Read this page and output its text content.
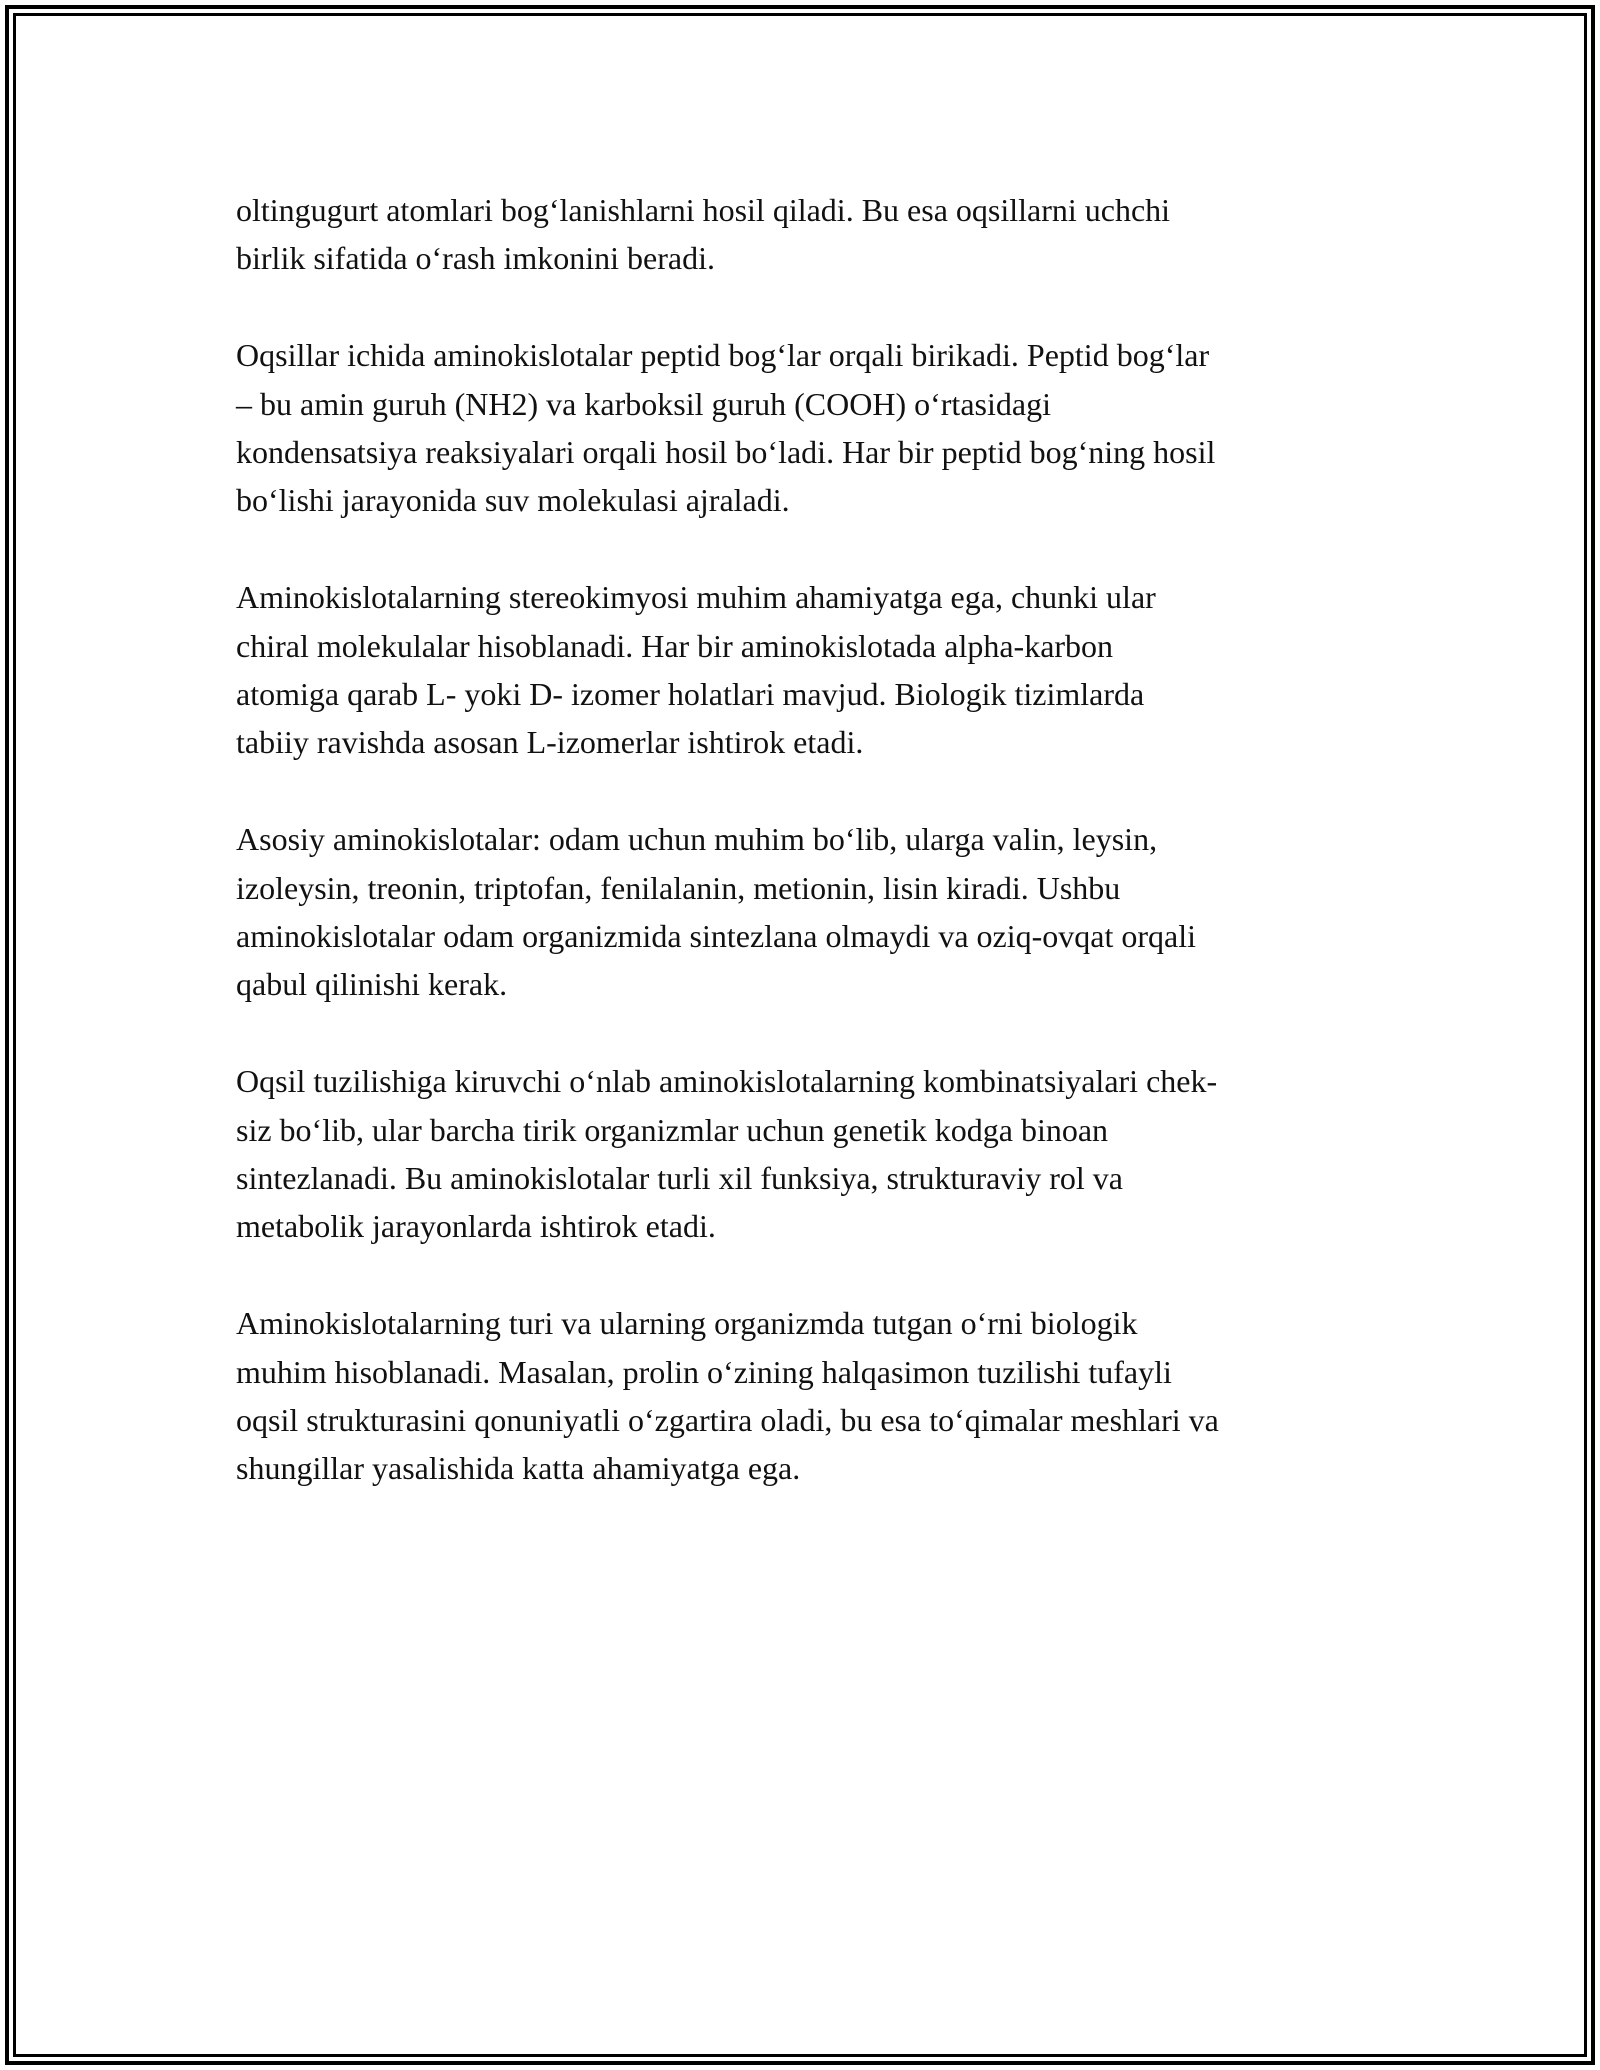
oltingugurt atomlari bog‘lanishlarni hosil qiladi. Bu esa oqsillarni uchchi
birlik sifatida o‘rash imkonini beradi.

Oqsillar ichida aminokislotalar peptid bog‘lar orqali birikadi. Peptid bog‘lar
– bu amin guruh (NH2) va karboksil guruh (COOH) o‘rtasidagi
kondensatsiya reaksiyalari orqali hosil bo‘ladi. Har bir peptid bog‘ning hosil
bo‘lishi jarayonida suv molekulasi ajraladi.

Aminokislotalarning stereokimyosi muhim ahamiyatga ega, chunki ular
chiral molekulalar hisoblanadi. Har bir aminokislotada alpha-karbon
atomiga qarab L- yoki D- izomer holatlari mavjud. Biologik tizimlarda
tabiiy ravishda asosan L-izomerlar ishtirok etadi.

Asosiy aminokislotalar: odam uchun muhim bo‘lib, ularga valin, leysin,
izoleysin, treonin, triptofan, fenilalanin, metionin, lisin kiradi. Ushbu
aminokislotalar odam organizmida sintezlana olmaydi va oziq-ovqat orqali
qabul qilinishi kerak.

Oqsil tuzilishiga kiruvchi o‘nlab aminokislotalarning kombinatsiyalari chek-
siz bo‘lib, ular barcha tirik organizmlar uchun genetik kodga binoan
sintezlanadi. Bu aminokislotalar turli xil funksiya, strukturaviy rol va
metabolik jarayonlarda ishtirok etadi.

Aminokislotalarning turi va ularning organizmda tutgan o‘rni biologik
muhim hisoblanadi. Masalan, prolin o‘zining halqasimon tuzilishi tufayli
oqsil strukturasini qonuniyatli o‘zgartira oladi, bu esa to‘qimalar meshlari va
shungillar yasalishida katta ahamiyatga ega.
